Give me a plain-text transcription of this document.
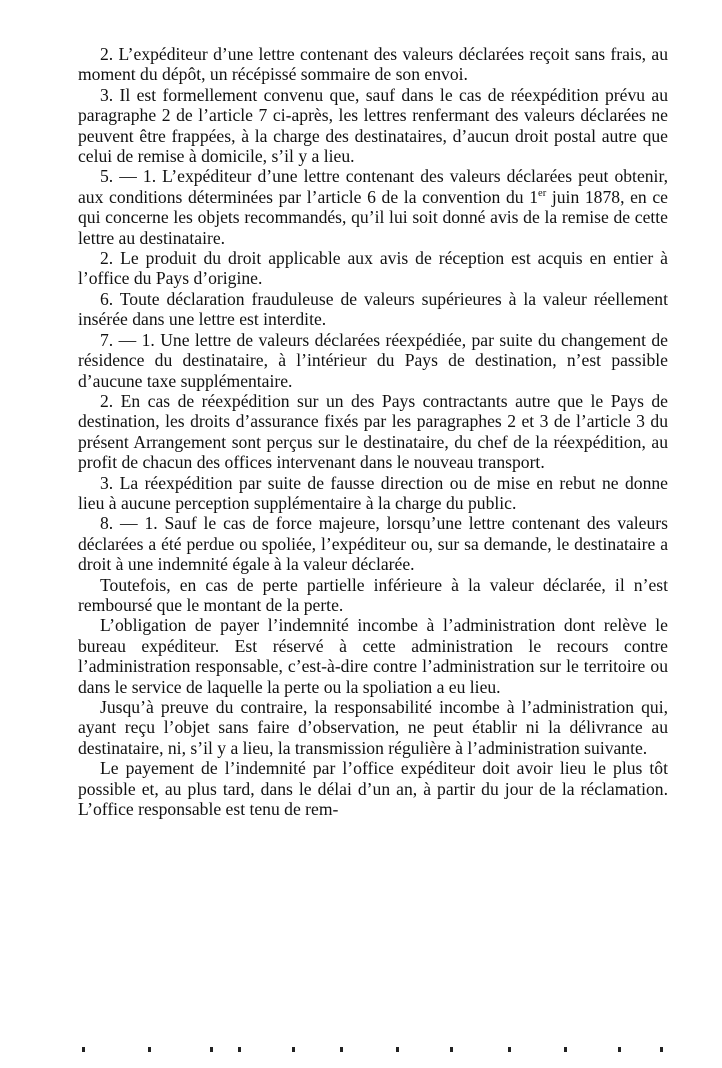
2. L’expéditeur d’une lettre contenant des valeurs déclarées reçoit sans frais, au moment du dépôt, un récépissé sommaire de son envoi.

3. Il est formellement convenu que, sauf dans le cas de réexpédition prévu au paragraphe 2 de l’article 7 ci-après, les lettres renfermant des valeurs déclarées ne peuvent être frappées, à la charge des destinataires, d’aucun droit postal autre que celui de remise à domicile, s’il y a lieu.

5. — 1. L’expéditeur d’une lettre contenant des valeurs déclarées peut obtenir, aux conditions déterminées par l’article 6 de la convention du 1er juin 1878, en ce qui concerne les objets recommandés, qu’il lui soit donné avis de la remise de cette lettre au destinataire.

2. Le produit du droit applicable aux avis de réception est acquis en entier à l’office du Pays d’origine.

6. Toute déclaration frauduleuse de valeurs supérieures à la valeur réellement insérée dans une lettre est interdite.

7. — 1. Une lettre de valeurs déclarées réexpédiée, par suite du changement de résidence du destinataire, à l’intérieur du Pays de destination, n’est passible d’aucune taxe supplémentaire.

2. En cas de réexpédition sur un des Pays contractants autre que le Pays de destination, les droits d’assurance fixés par les paragraphes 2 et 3 de l’article 3 du présent Arrangement sont perçus sur le destinataire, du chef de la réexpédition, au profit de chacun des offices intervenant dans le nouveau transport.

3. La réexpédition par suite de fausse direction ou de mise en rebut ne donne lieu à aucune perception supplémentaire à la charge du public.

8. — 1. Sauf le cas de force majeure, lorsqu’une lettre contenant des valeurs déclarées a été perdue ou spoliée, l’expéditeur ou, sur sa demande, le destinataire a droit à une indemnité égale à la valeur déclarée.

Toutefois, en cas de perte partielle inférieure à la valeur déclarée, il n’est remboursé que le montant de la perte.

L’obligation de payer l’indemnité incombe à l’administration dont relève le bureau expéditeur. Est réservé à cette administration le recours contre l’administration responsable, c’est-à-dire contre l’administration sur le territoire ou dans le service de laquelle la perte ou la spoliation a eu lieu.

Jusqu’à preuve du contraire, la responsabilité incombe à l’administration qui, ayant reçu l’objet sans faire d’observation, ne peut établir ni la délivrance au destinataire, ni, s’il y a lieu, la transmission régulière à l’administration suivante.

Le payement de l’indemnité par l’office expéditeur doit avoir lieu le plus tôt possible et, au plus tard, dans le délai d’un an, à partir du jour de la réclamation. L’office responsable est tenu de rem-
